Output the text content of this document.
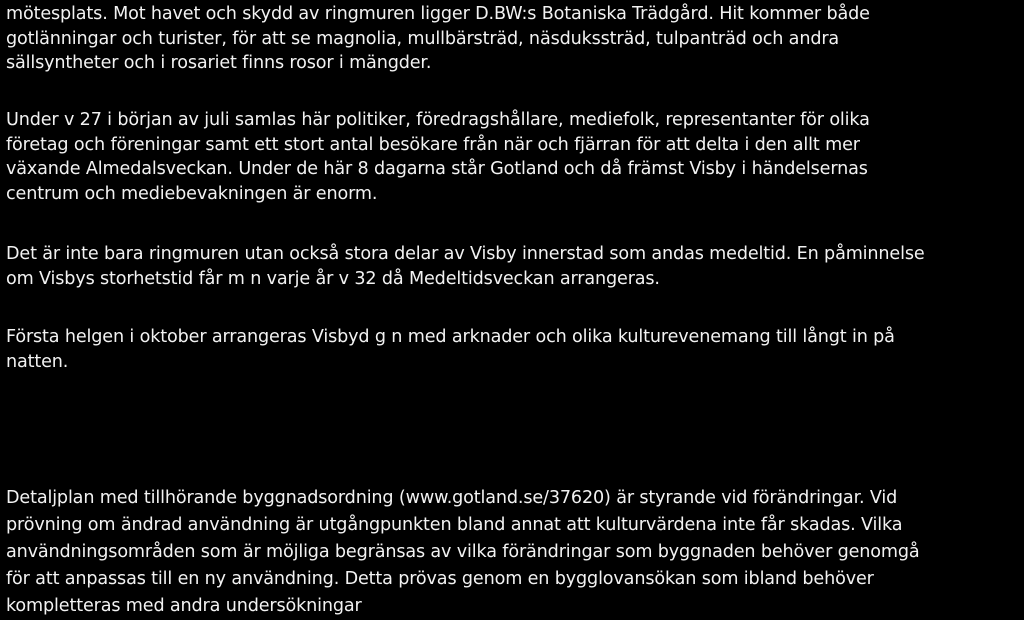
mötesplats. Mot havet och skydd av ringmuren ligger D.BW:s Botaniska Trädgård. Hit kommer både
gotlänningar och turister, för att se magnolia, mullbärsträd, näsdukssträd, tulpanträd och andra
sällsyntheter och i rosariet finns rosor i mängder.

Under v 27 i början av juli samlas här politiker, föredragshållare, mediefolk, representanter för olika
företag och föreningar samt ett stort antal besökare från när och fjärran för att delta i den allt mer
växande Almedalsveckan. Under de här 8 dagarna står Gotland och då främst Visby i händelsernas
centrum och mediebevakningen är enorm.

Det är inte bara ringmuren utan också stora delar av Visby innerstad som andas medeltid. En påminnelse
om Visbys storhetstid får m n varje år v 32 då Medeltidsveckan arrangeras.

Första helgen i oktober arrangeras Visbyd g n med arknader och olika kulturevenemang till långt in på
natten.

Detaljplan med tillhörande byggnadsordning (www.gotland.se/37620) är styrande vid förändringar. Vid
prövning om ändrad användning är utgångpunkten bland annat att kulturvärdena inte får skadas. Vilka
användningsområden som är möjliga begränsas av vilka förändringar som byggnaden behöver genomgå
för att anpassas till en ny användning. Detta prövas genom en bygglovansökan som ibland behöver
kompletteras med andra undersökningar
